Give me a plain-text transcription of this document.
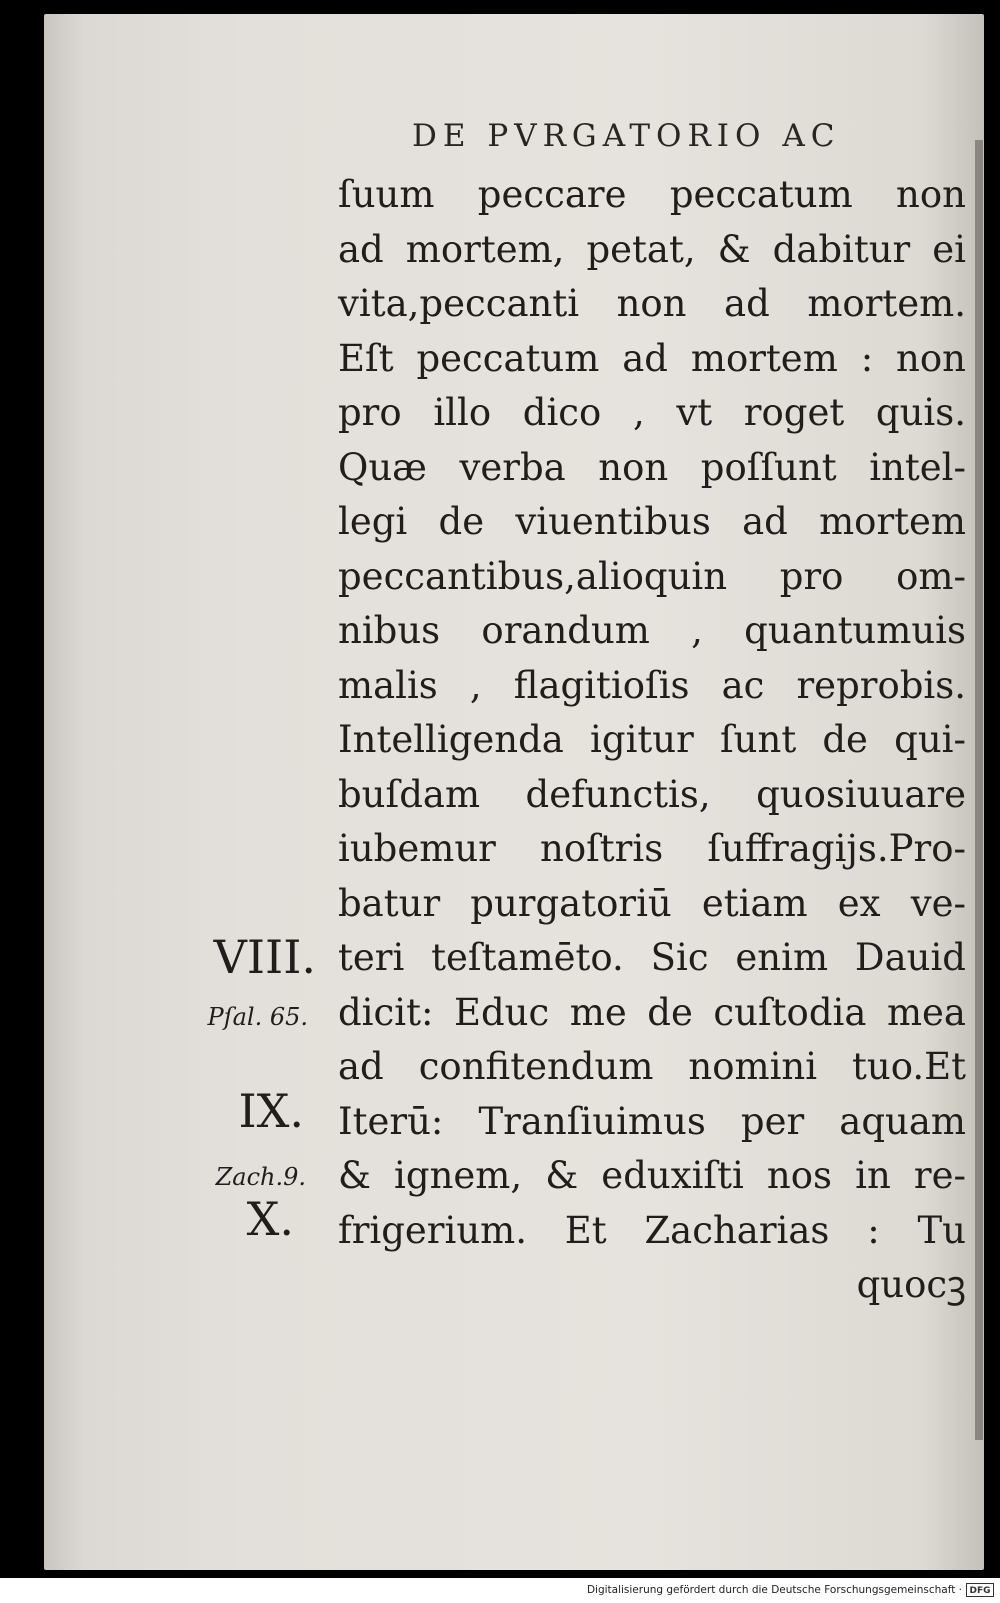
DE PVRGATORIO AC
ſuum peccare peccatum non
ad mortem, petat, & dabitur ei
vita,peccanti non ad mortem.
Eſt peccatum ad mortem : non
pro illo dico , vt roget quis.
Quæ verba non poſſunt intel-
legi de viuentibus ad mortem
peccantibus,alioquin pro om-
nibus orandum , quantumuis
malis , flagitioſis ac reprobis.
Intelligenda igitur ſunt de qui-
buſdam defunctis, quosiuuare
iubemur noſtris ſuffragijs.Pro-
batur purgatoriū etiam ex ve-
teri teſtamēto. Sic enim Dauid
dicit: Educ me de cuſtodia mea
ad confitendum nomini tuo.Et
Iterū: Tranſiuimus per aquam
& ignem, & eduxiſti nos in re-
frigerium. Et Zacharias : Tu
quocꝫ
VIII.
Pſal. 65.
IX.
Zach.9.
X.
Digitalisierung gefördert durch die Deutsche Forschungsgemeinschaft · DFG
